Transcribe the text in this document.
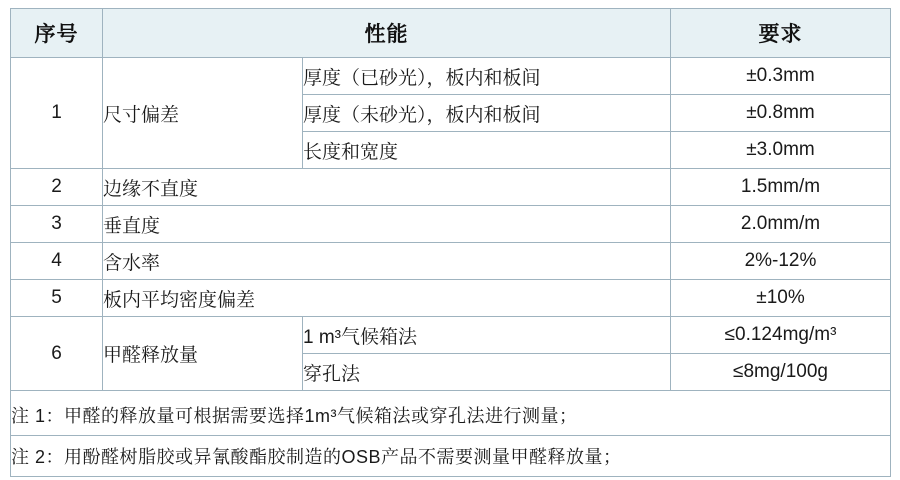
序号	性能		要求
1	尺寸偏差	厚度（已砂光），板内和板间	±0.3mm
		厚度（未砂光），板内和板间	±0.8mm
		长度和宽度	±3.0mm
2	边缘不直度		1.5mm/m
3	垂直度		2.0mm/m
4	含水率		2%-12%
5	板内平均密度偏差		±10%
6	甲醛释放量	1 m³气候箱法	≤0.124mg/m³
		穿孔法	≤8mg/100g
注 1：甲醛的释放量可根据需要选择1m³气候箱法或穿孔法进行测量；			
注 2：用酚醛树脂胶或异氰酸酯胶制造的OSB产品不需要测量甲醛释放量；			
